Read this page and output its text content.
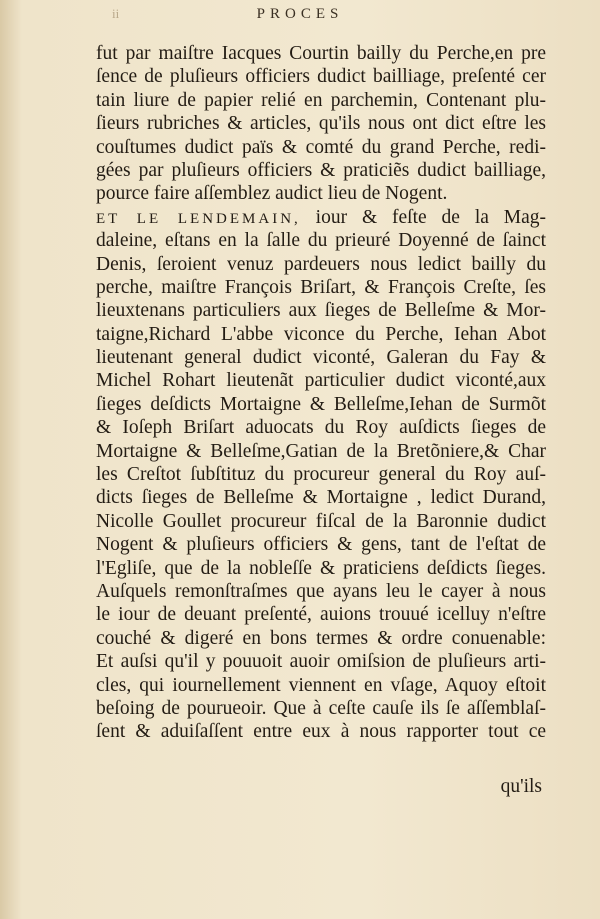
ii	PROCES
fut par maiſtre Iacques Courtin bailly du Perche,en pre
ſence de pluſieurs officiers dudict bailliage, preſenté cer
tain liure de papier relié en parchemin, Contenant plu-
ſieurs rubriches & articles, qu'ils nous ont dict eſtre les
couſtumes dudict païs & comté du grand Perche, redi-
gées par pluſieurs officiers & praticiẽs dudict bailliage,
pource faire aſſemblez audict lieu de Nogent.
ET LE LENDEMAIN, iour & feſte de la Mag-
daleine, eſtans en la ſalle du prieuré Doyenné de ſainct
Denis, ſeroient venuz pardeuers nous ledict bailly du
perche, maiſtre François Briſart, & François Creſte, ſes
lieuxtenans particuliers aux ſieges de Belleſme & Mor-
taigne,Richard L'abbe viconce du Perche, Iehan Abot
lieutenant general dudict viconté, Galeran du Fay &
Michel Rohart lieutenãt particulier dudict viconté,aux
ſieges deſdicts Mortaigne & Belleſme,Iehan de Surmõt
& Ioſeph Briſart aduocats du Roy auſdicts ſieges de
Mortaigne & Belleſme,Gatian de la Bretõniere,& Char
les Creſtot ſubſtituz du procureur general du Roy auſ-
dicts ſieges de Belleſme & Mortaigne , ledict Durand,
Nicolle Goullet procureur fiſcal de la Baronnie dudict
Nogent & pluſieurs officiers & gens, tant de l'eſtat de
l'Egliſe, que de la nobleſſe & praticiens deſdicts ſieges.
Auſquels remonſtraſmes que ayans leu le cayer à nous
le iour de deuant preſenté, auions trouué icelluy n'eſtre
couché & digeré en bons termes & ordre conuenable:
Et auſsi qu'il y pouuoit auoir omiſsion de pluſieurs arti-
cles, qui iournellement viennent en vſage, Aquoy eſtoit
beſoing de pourueoir. Que à ceſte cauſe ils ſe aſſemblaſ-
ſent & aduiſaſſent entre eux à nous rapporter tout ce
qu'ils
